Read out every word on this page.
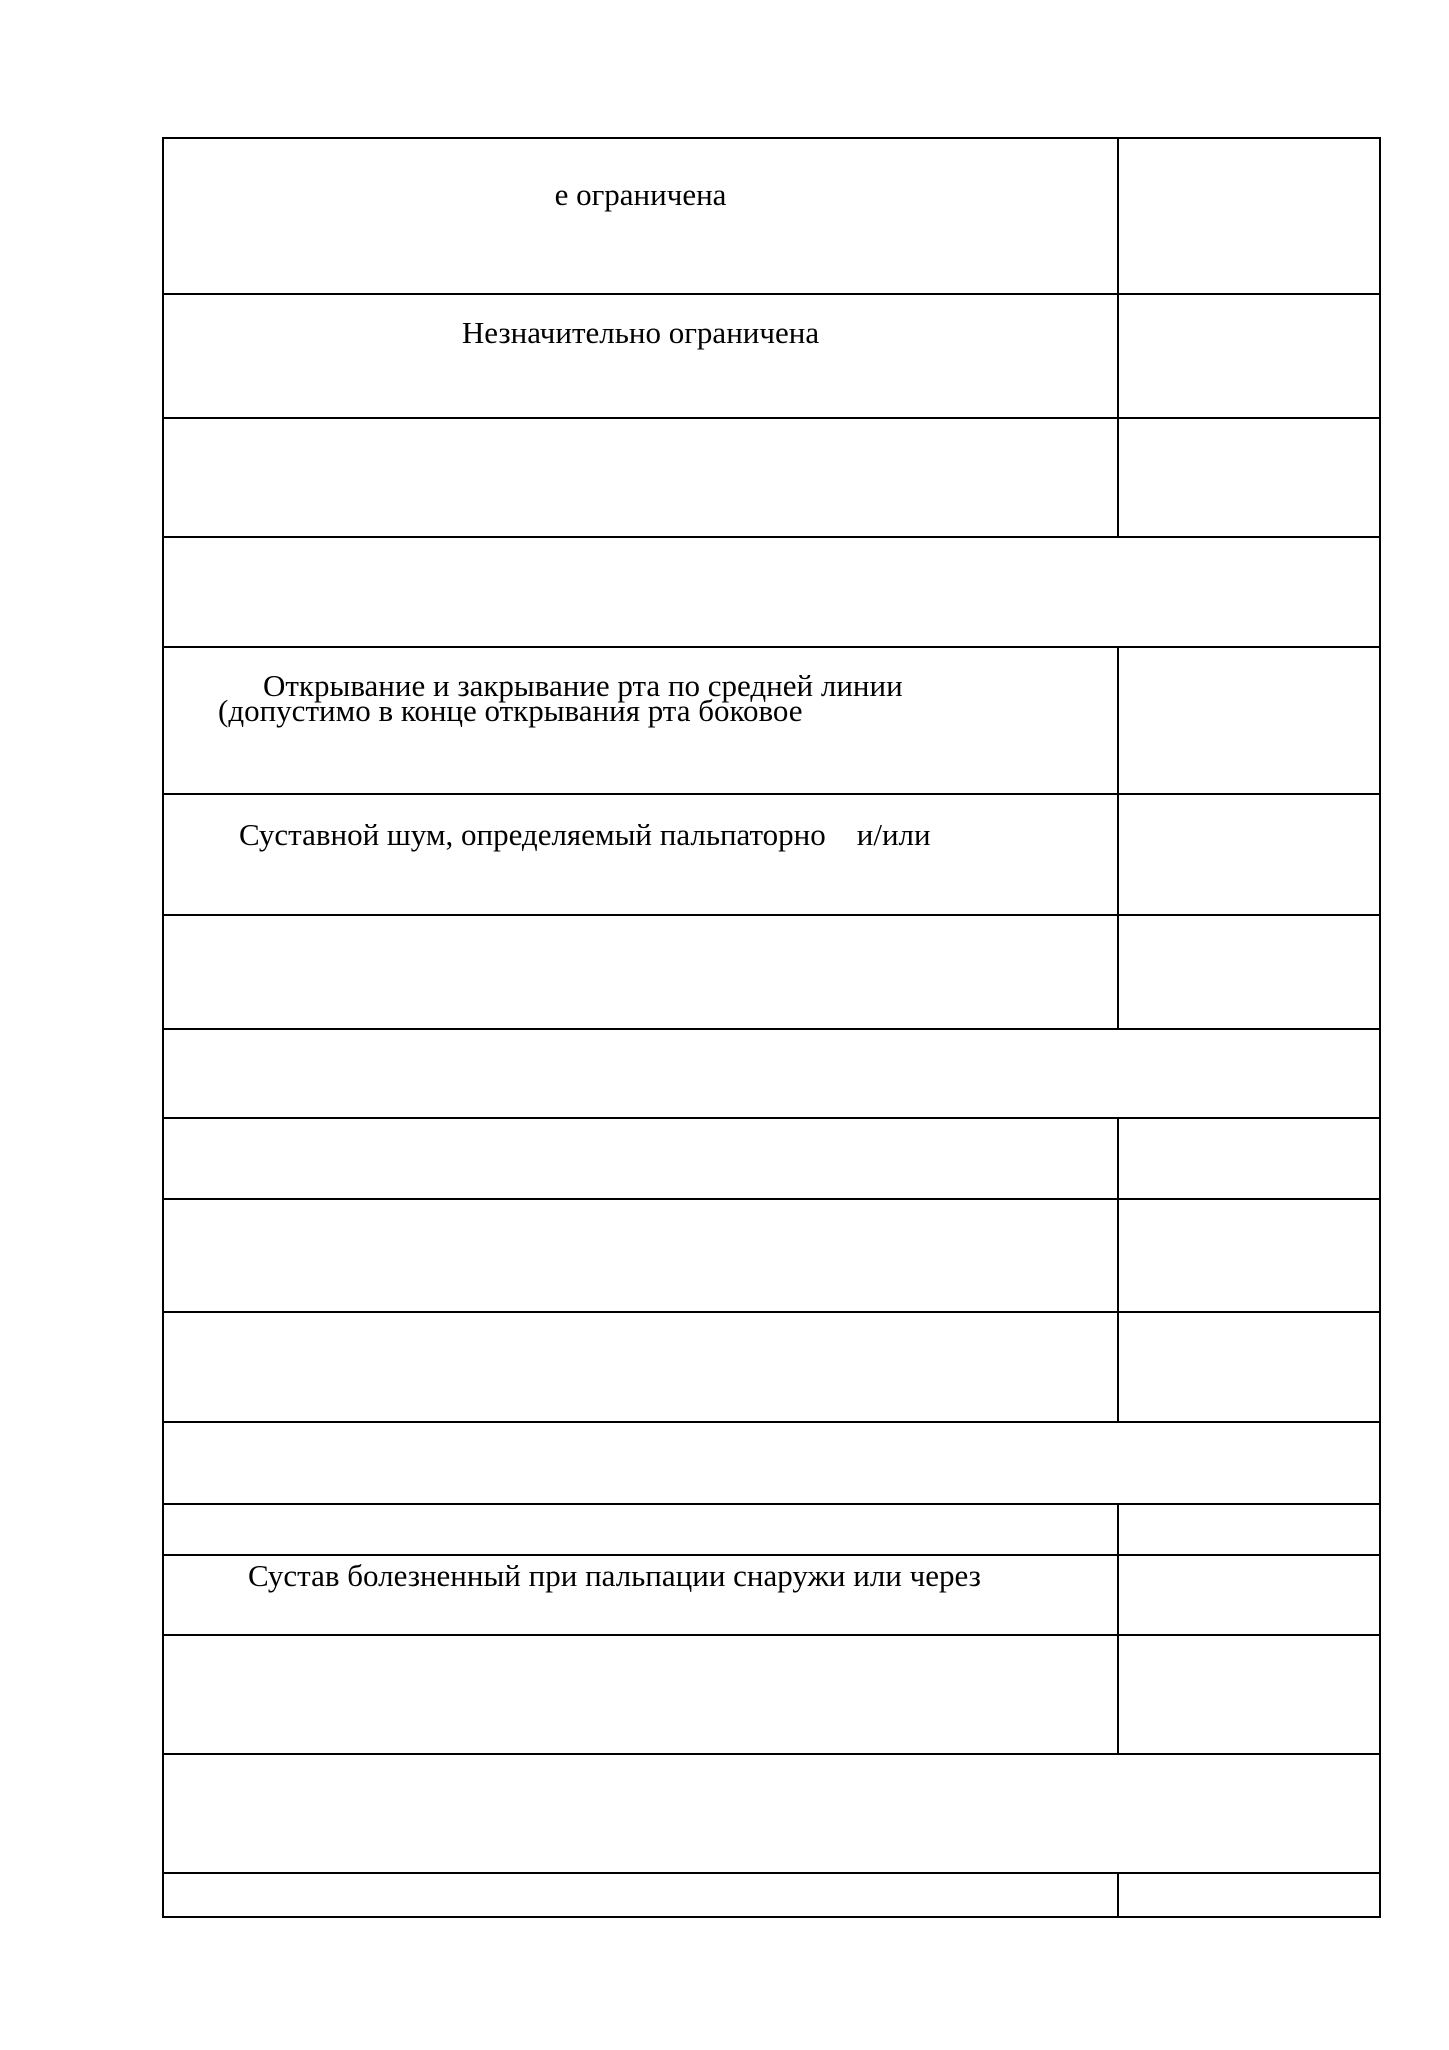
е ограничена
Незначительно ограничена
Открывание и закрывание рта по средней линии
(допустимо в конце открывания рта боковое
Суставной шум, определяемый пальпаторно    и/или
Сустав болезненный при пальпации снаружи или через
